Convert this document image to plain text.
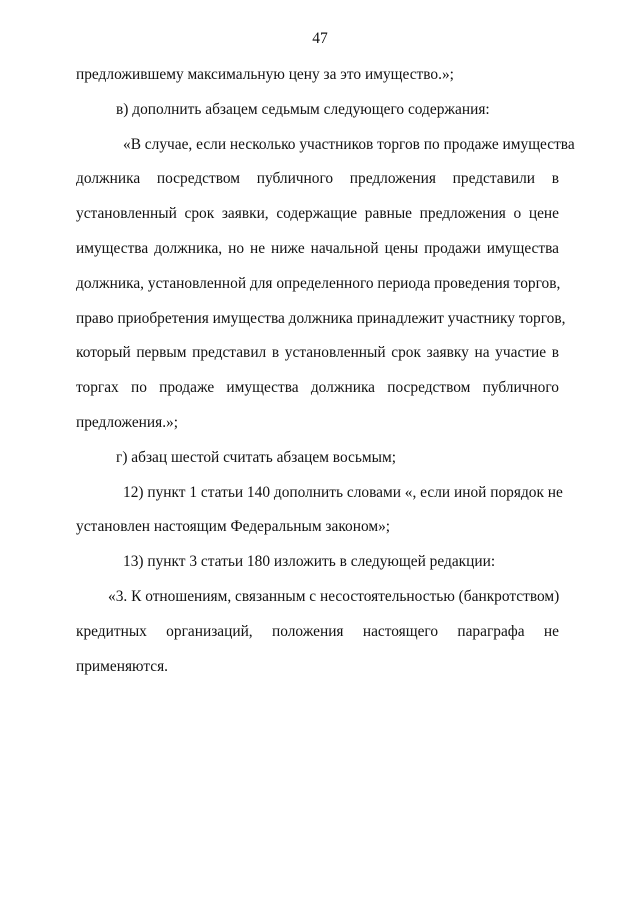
47
предложившему максимальную цену за это имущество.»;
в) дополнить абзацем седьмым следующего содержания:
«В случае, если несколько участников торгов по продаже имущества
должника посредством публичного предложения представили в
установленный срок заявки, содержащие равные предложения о цене
имущества должника, но не ниже начальной цены продажи имущества
должника, установленной для определенного периода проведения торгов,
право приобретения имущества должника принадлежит участнику торгов,
который первым представил в установленный срок заявку на участие в
торгах по продаже имущества должника посредством публичного
предложения.»;
г) абзац шестой считать абзацем восьмым;
12) пункт 1 статьи 140 дополнить словами «, если иной порядок не
установлен настоящим Федеральным законом»;
13) пункт 3 статьи 180 изложить в следующей редакции:
«3. К отношениям, связанным с несостоятельностью (банкротством)
кредитных организаций, положения настоящего параграфа не
применяются.
